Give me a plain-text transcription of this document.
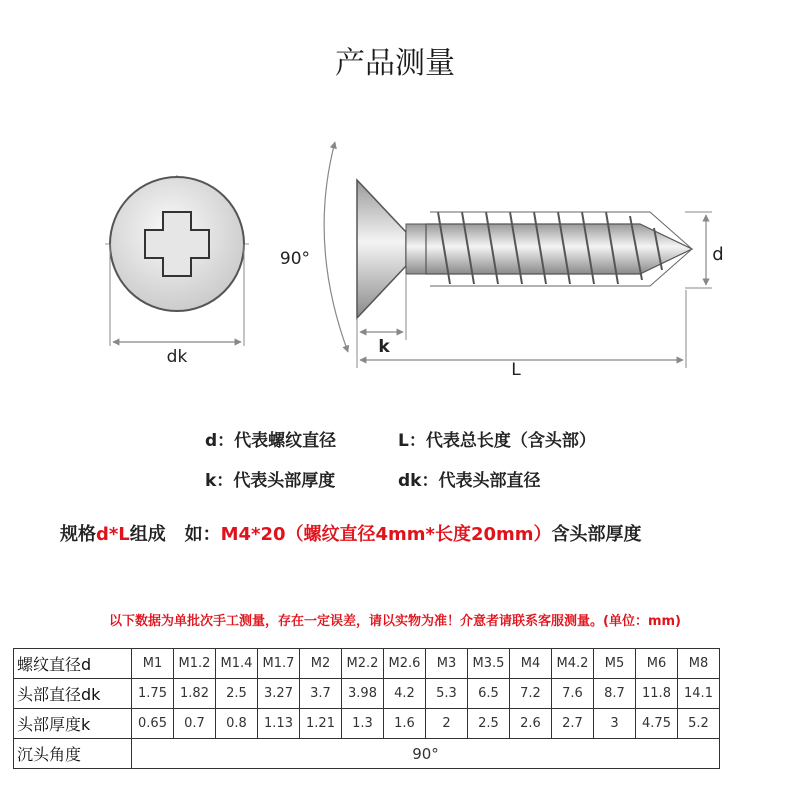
产品测量
dk
90°
k
L
d
d：代表螺纹直径	L：代表总长度（含头部）
k：代表头部厚度	dk：代表头部直径
规格d*L组成   如：M4*20（螺纹直径4mm*长度20mm）含头部厚度
以下数据为单批次手工测量，存在一定误差，请以实物为准！介意者请联系客服测量。(单位：mm)
螺纹直径d	M1	M1.2	M1.4	M1.7	M2	M2.2	M2.6	M3	M3.5	M4	M4.2	M5	M6	M8
头部直径dk	1.75	1.82	2.5	3.27	3.7	3.98	4.2	5.3	6.5	7.2	7.6	8.7	11.8	14.1
头部厚度k	0.65	0.7	0.8	1.13	1.21	1.3	1.6	2	2.5	2.6	2.7	3	4.75	5.2
沉头角度	90°													
